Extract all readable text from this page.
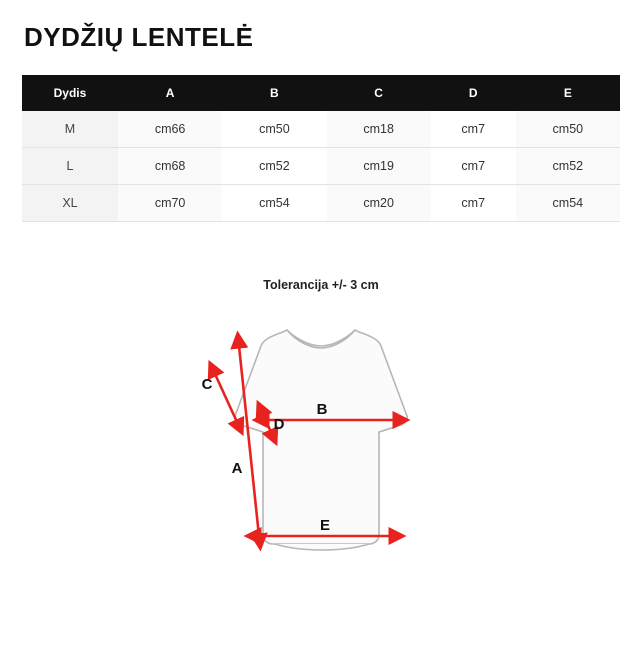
DYDŽIŲ LENTELĖ
Dydis	A	B	C	D	E
M	cm66	cm50	cm18	cm7	cm50
L	cm68	cm52	cm19	cm7	cm52
XL	cm70	cm54	cm20	cm7	cm54
Tolerancija +/- 3 cm
C
A
D
B
E
